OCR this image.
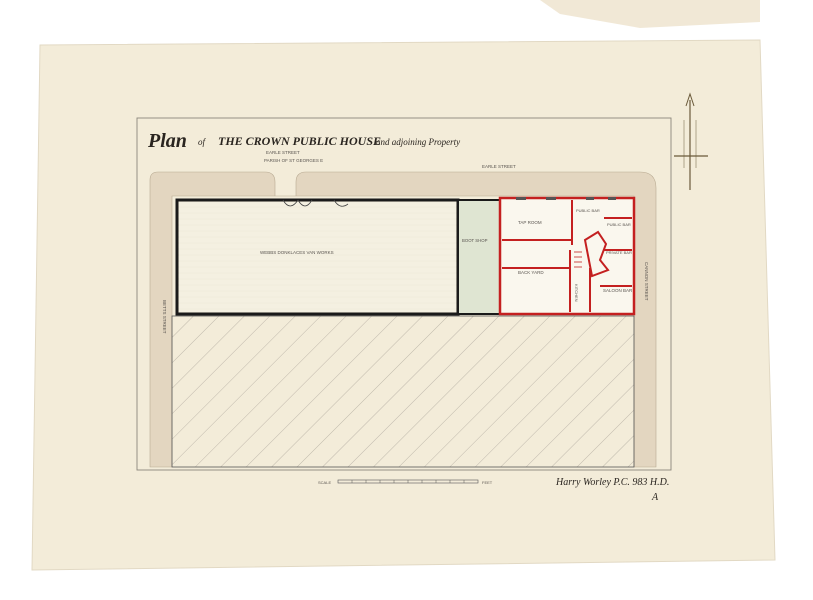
Plan of THE CROWN PUBLIC HOUSE
and adjoining Property
EARLE STREET
PARISH OF ST GEORGES E
EARLE STREET
BETTS STREET
CANNON STREET
WEBBS DONKLACES VAN WORKS
BOOT SHOP
TAP ROOM
PUBLIC BAR
PUBLIC BAR
PRIVATE BAR
BACK YARD
KITCHEN	SALOON BAR
SCALE	FEET	Harry Worley P.C. 983 H.D.
A
